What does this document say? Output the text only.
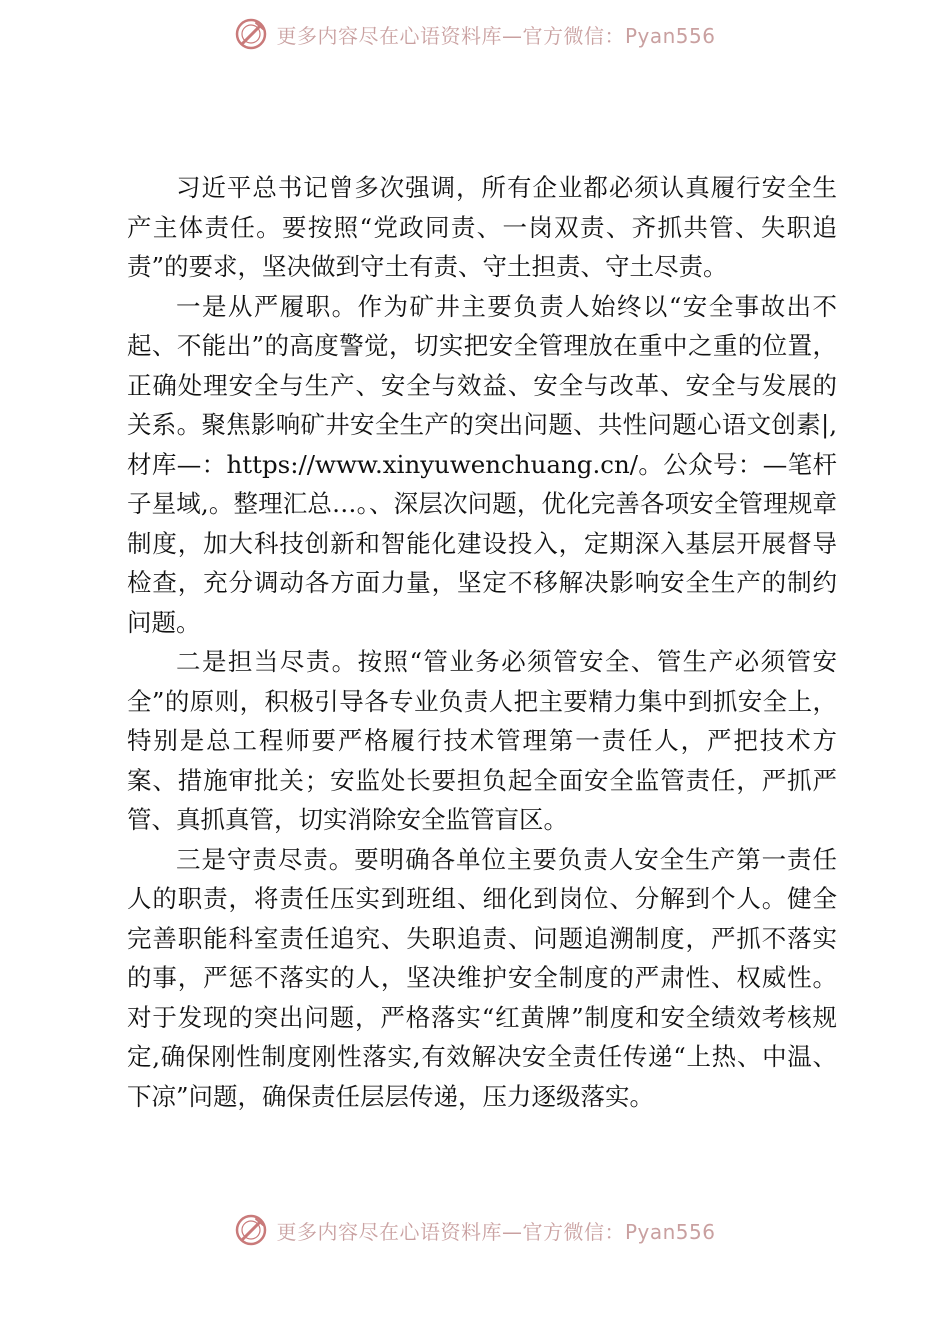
更多内容尽在心语资料库—官方微信：Pyan556

习近平总书记曾多次强调，所有企业都必须认真履行安全生产主体责任。要按照“党政同责、一岗双责、齐抓共管、失职追责”的要求，坚决做到守土有责、守土担责、守土尽责。

一是从严履职。作为矿井主要负责人始终以“安全事故出不起、不能出”的高度警觉，切实把安全管理放在重中之重的位置， 正确处理安全与生产、安全与效益、安全与改革、安全与发展的关系。聚焦影响矿井安全生产的突出问题、共性问题心语文创素|,材库—：https://www.xinyuwenchuang.cn/。公众号：—笔杆子星域,。整理汇总…。、深层次问题，优化完善各项安全管理规章制度，加大科技创新和智能化建设投入，定期深入基层开展督导检查，充分调动各方面力量，坚定不移解决影响安全生产的制约问题。

二是担当尽责。按照“管业务必须管安全、管生产必须管安全”的原则，积极引导各专业负责人把主要精力集中到抓安全上，特别是总工程师要严格履行技术管理第一责任人，严把技术方案、措施审批关；安监处长要担负起全面安全监管责任，严抓严管、真抓真管，切实消除安全监管盲区。

三是守责尽责。要明确各单位主要负责人安全生产第一责任人的职责，将责任压实到班组、细化到岗位、分解到个人。健全完善职能科室责任追究、失职追责、问题追溯制度，严抓不落实的事，严惩不落实的人，坚决维护安全制度的严肃性、权威性。对于发现的突出问题，严格落实“红黄牌”制度和安全绩效考核规定,确保刚性制度刚性落实,有效解决安全责任传递“上热、中温、下凉”问题，确保责任层层传递，压力逐级落实。

更多内容尽在心语资料库—官方微信：Pyan556
